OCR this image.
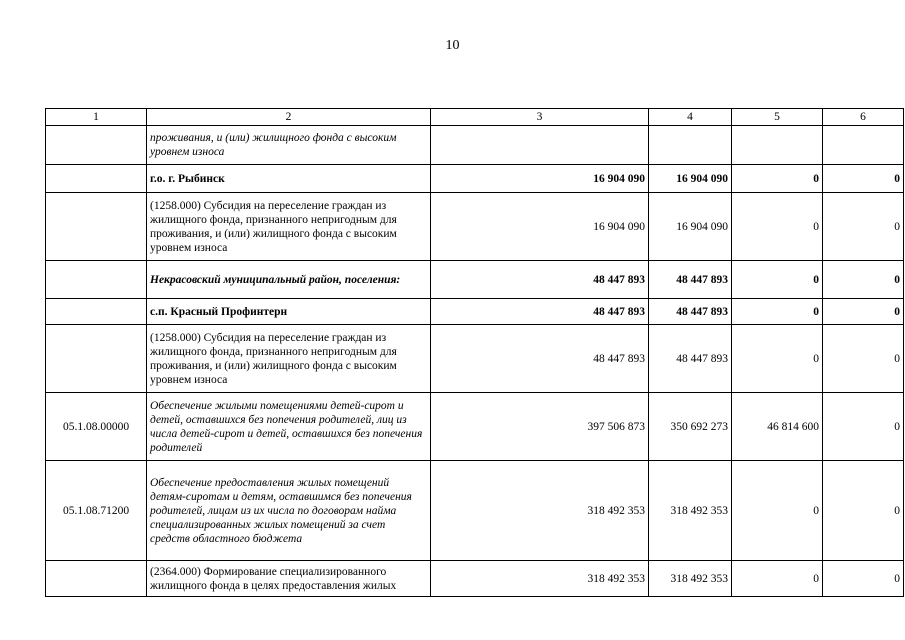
10
1	2	3	4	5	6
	проживания, и (или) жилищного фонда с высоким уровнем износа				
	г.о. г. Рыбинск	16 904 090	16 904 090	0	0
	(1258.000) Субсидия на переселение граждан из жилищного фонда, признанного непригодным для проживания, и (или) жилищного фонда с высоким уровнем износа	16 904 090	16 904 090	0	0
	Некрасовский муниципальный район, поселения:	48 447 893	48 447 893	0	0
	с.п. Красный Профинтерн	48 447 893	48 447 893	0	0
	(1258.000) Субсидия на переселение граждан из жилищного фонда, признанного непригодным для проживания, и (или) жилищного фонда с высоким уровнем износа	48 447 893	48 447 893	0	0
05.1.08.00000	Обеспечение жилыми помещениями детей-сирот и детей, оставшихся без попечения родителей, лиц из числа детей-сирот и детей, оставшихся без попечения родителей	397 506 873	350 692 273	46 814 600	0
05.1.08.71200	Обеспечение предоставления жилых помещений детям-сиротам и детям, оставшимся без попечения родителей, лицам из их числа по договорам найма специализированных жилых помещений за счет средств областного бюджета	318 492 353	318 492 353	0	0
	(2364.000) Формирование специализированного жилищного фонда в целях предоставления жилых	318 492 353	318 492 353	0	0
